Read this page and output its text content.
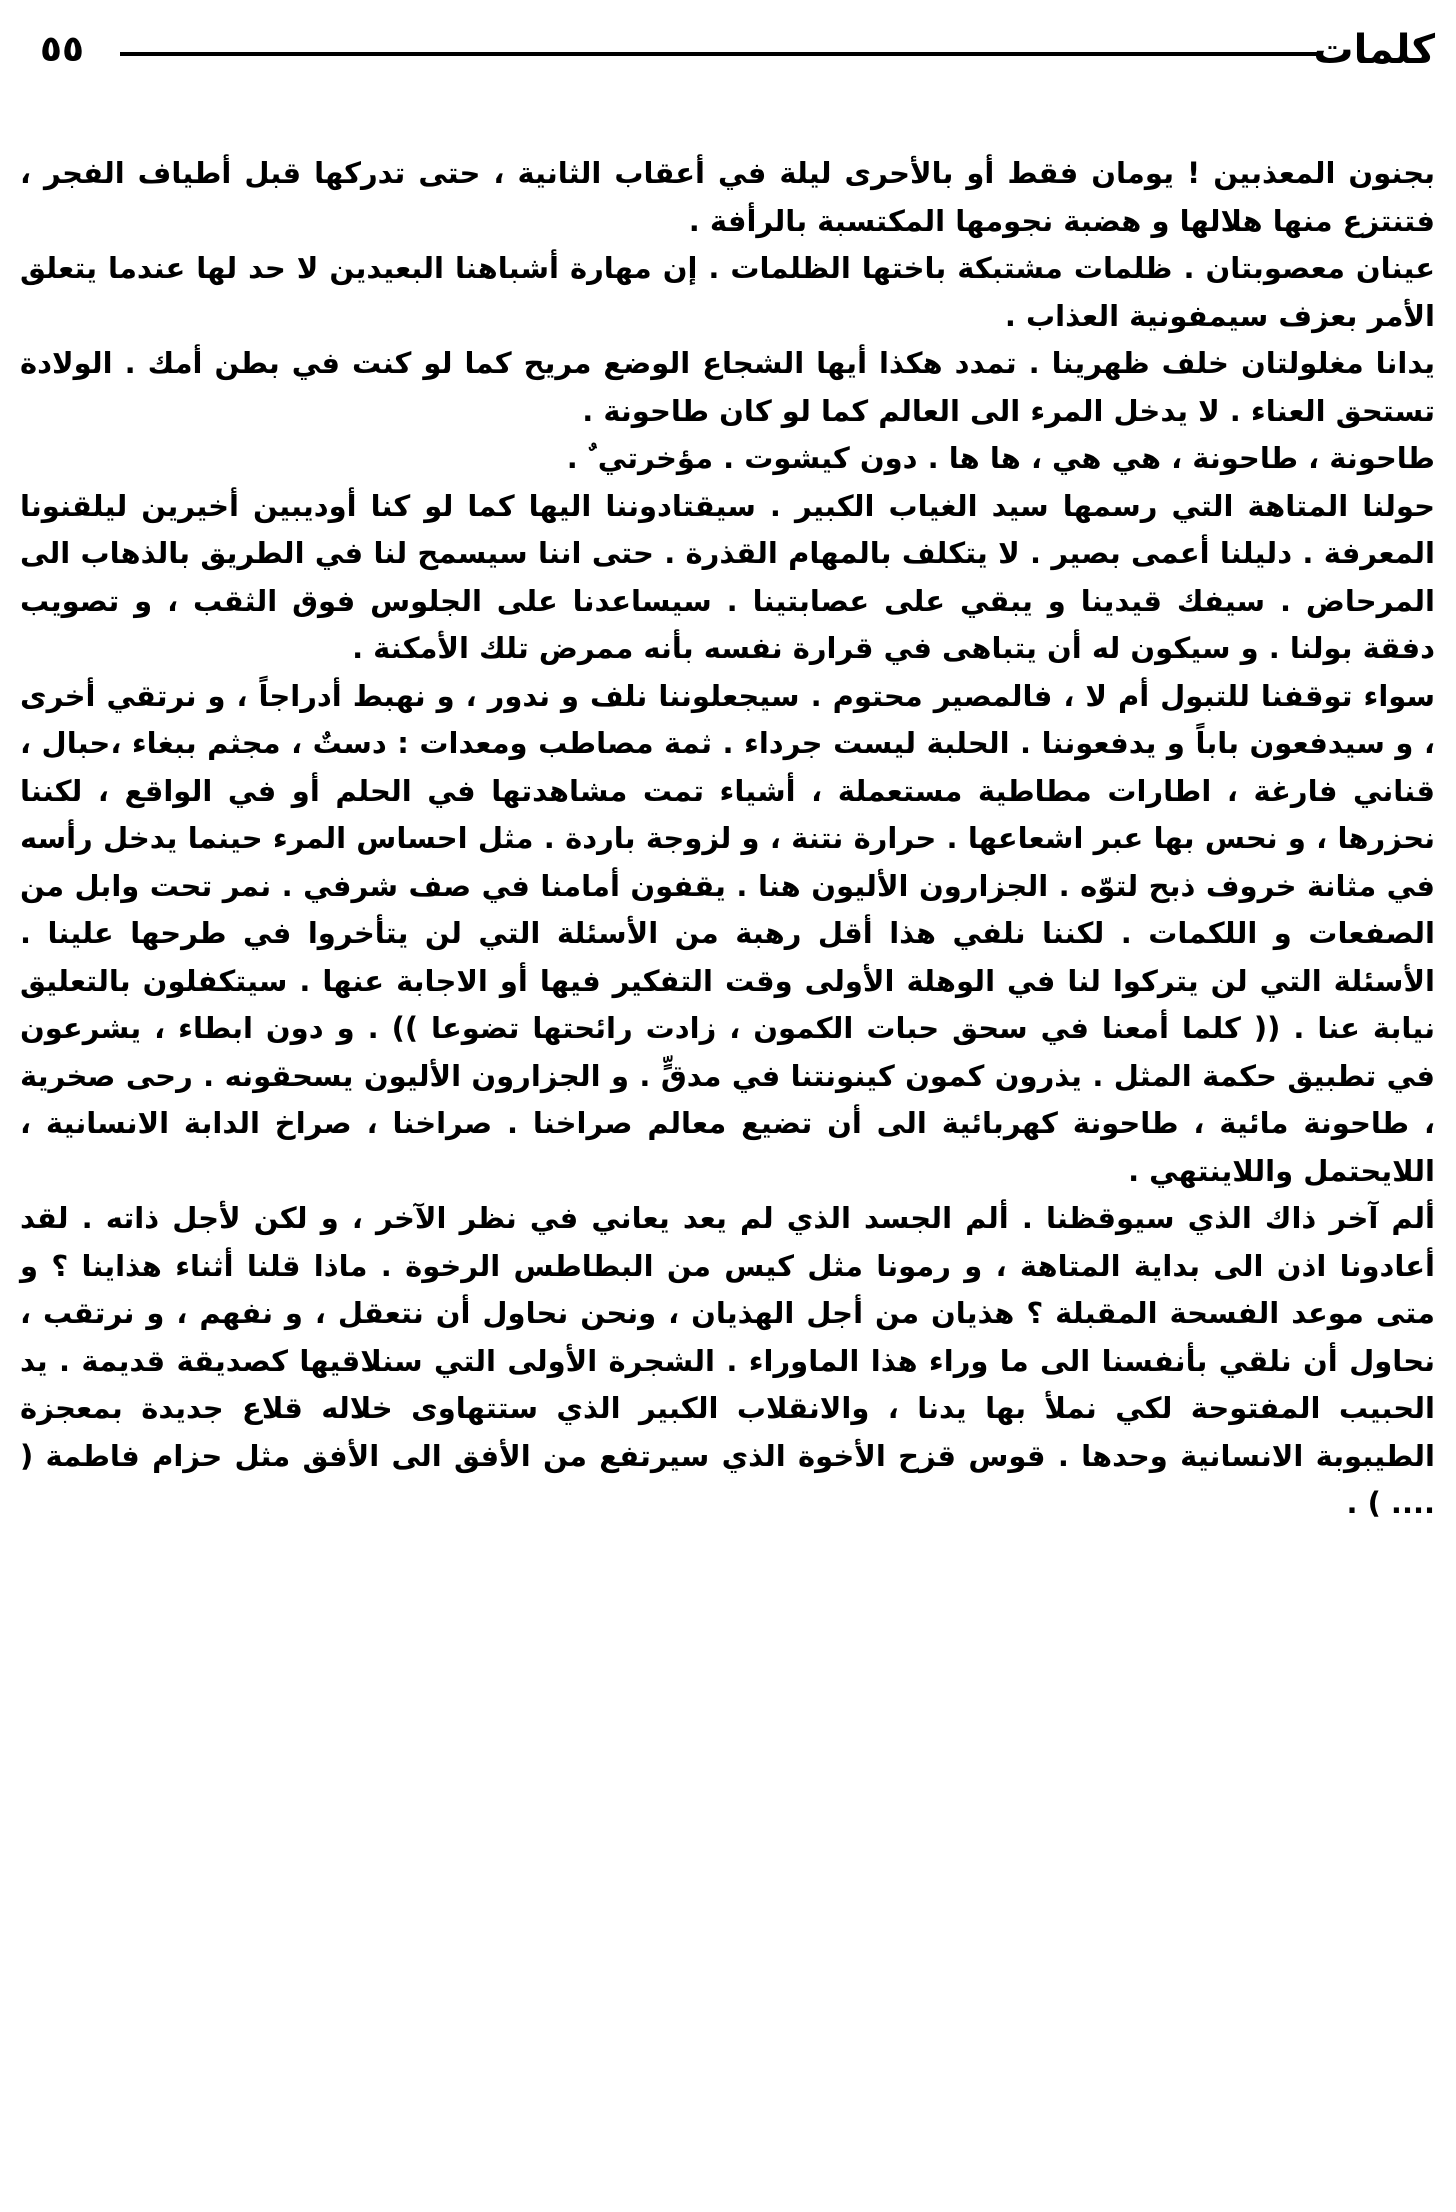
كلمات
٥٥

بجنون المعذبين ! يومان فقط أو بالأحرى ليلة في أعقاب الثانية ، حتى تدركها قبل أطياف الفجر ، فتنتزع منها هلالها و هضبة نجومها المكتسبة بالرأفة .

عينان معصوبتان . ظلمات مشتبكة باختها الظلمات . إن مهارة أشباهنا البعيدين لا حد لها عندما يتعلق الأمر بعزف سيمفونية العذاب .

يدانا مغلولتان خلف ظهرينا . تمدد هكذا أيها الشجاع الوضع مريح كما لو كنت في بطن أمك . الولادة تستحق العناء . لا يدخل المرء الى العالم كما لو كان طاحونة .

طاحونة ، طاحونة ، هي هي ، ها ها . دون كيشوت . مؤخرتي ٌ .

حولنا المتاهة التي رسمها سيد الغياب الكبير . سيقتادوننا اليها كما لو كنا أوديبين أخيرين ليلقنونا المعرفة . دليلنا أعمى بصير . لا يتكلف بالمهام القذرة . حتى اننا سيسمح لنا في الطريق بالذهاب الى المرحاض . سيفك قيدينا و يبقي على عصابتينا . سيساعدنا على الجلوس فوق الثقب ، و تصويب دفقة بولنا . و سيكون له أن يتباهى في قرارة نفسه بأنه ممرض تلك الأمكنة .

سواء توقفنا للتبول أم لا ، فالمصير محتوم . سيجعلوننا نلف و ندور ، و نهبط أدراجاً ، و نرتقي أخرى ، و سيدفعون باباً و يدفعوننا . الحلبة ليست جرداء . ثمة مصاطب ومعدات : دستٌ ، مجثم ببغاء ،حبال ، قناني فارغة ، اطارات مطاطية مستعملة ، أشياء تمت مشاهدتها في الحلم أو في الواقع ، لكننا نحزرها ، و نحس بها عبر اشعاعها . حرارة نتنة ، و لزوجة باردة . مثل احساس المرء حينما يدخل رأسه في مثانة خروف ذبح لتوّه . الجزارون الأليون هنا . يقفون أمامنا في صف شرفي . نمر تحت وابل من الصفعات و اللكمات . لكننا نلفي هذا أقل رهبة من الأسئلة التي لن يتأخروا في طرحها علينا . الأسئلة التي لن يتركوا لنا في الوهلة الأولى وقت التفكير فيها أو الاجابة عنها . سيتكفلون بالتعليق نيابة عنا . (( كلما أمعنا في سحق حبات الكمون ، زادت رائحتها تضوعا )) . و دون ابطاء ، يشرعون في تطبيق حكمة المثل . يذرون كمون كينونتنا في مدقٍّ . و الجزارون الأليون يسحقونه . رحى صخرية ، طاحونة مائية ، طاحونة كهربائية الى أن تضيع معالم صراخنا . صراخنا ، صراخ الدابة الانسانية ، اللايحتمل واللاينتهي .

ألم آخر ذاك الذي سيوقظنا . ألم الجسد الذي لم يعد يعاني في نظر الآخر ، و لكن لأجل ذاته . لقد أعادونا اذن الى بداية المتاهة ، و رمونا مثل كيس من البطاطس الرخوة . ماذا قلنا أثناء هذاينا ؟ و متى موعد الفسحة المقبلة ؟ هذيان من أجل الهذيان ، ونحن نحاول أن نتعقل ، و نفهم ، و نرتقب ، نحاول أن نلقي بأنفسنا الى ما وراء هذا الماوراء . الشجرة الأولى التي سنلاقيها كصديقة قديمة . يد الحبيب المفتوحة لكي نملأ بها يدنا ، والانقلاب الكبير الذي ستتهاوى خلاله قلاع جديدة بمعجزة الطيبوبة الانسانية وحدها . قوس قزح الأخوة الذي سيرتفع من الأفق الى الأفق مثل حزام فاطمة ( .... ) .
